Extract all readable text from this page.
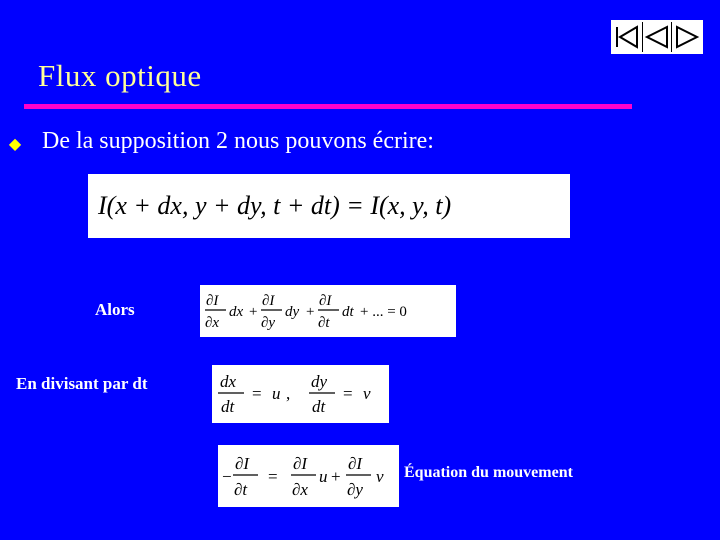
Flux optique
◆ De la supposition 2 nous pouvons écrire:
I(x + dx, y + dy, t + dt) = I(x, y, t)
Alors	∂I
∂x
dx +
∂I
∂y
dy +
∂I
∂t
dt + ... = 0
En divisant par dt	dx
dt
= u ,
dy
dt
= v
−
∂I
∂t
=
∂I
∂x
u +
∂I
∂y
v Équation du mouvement
